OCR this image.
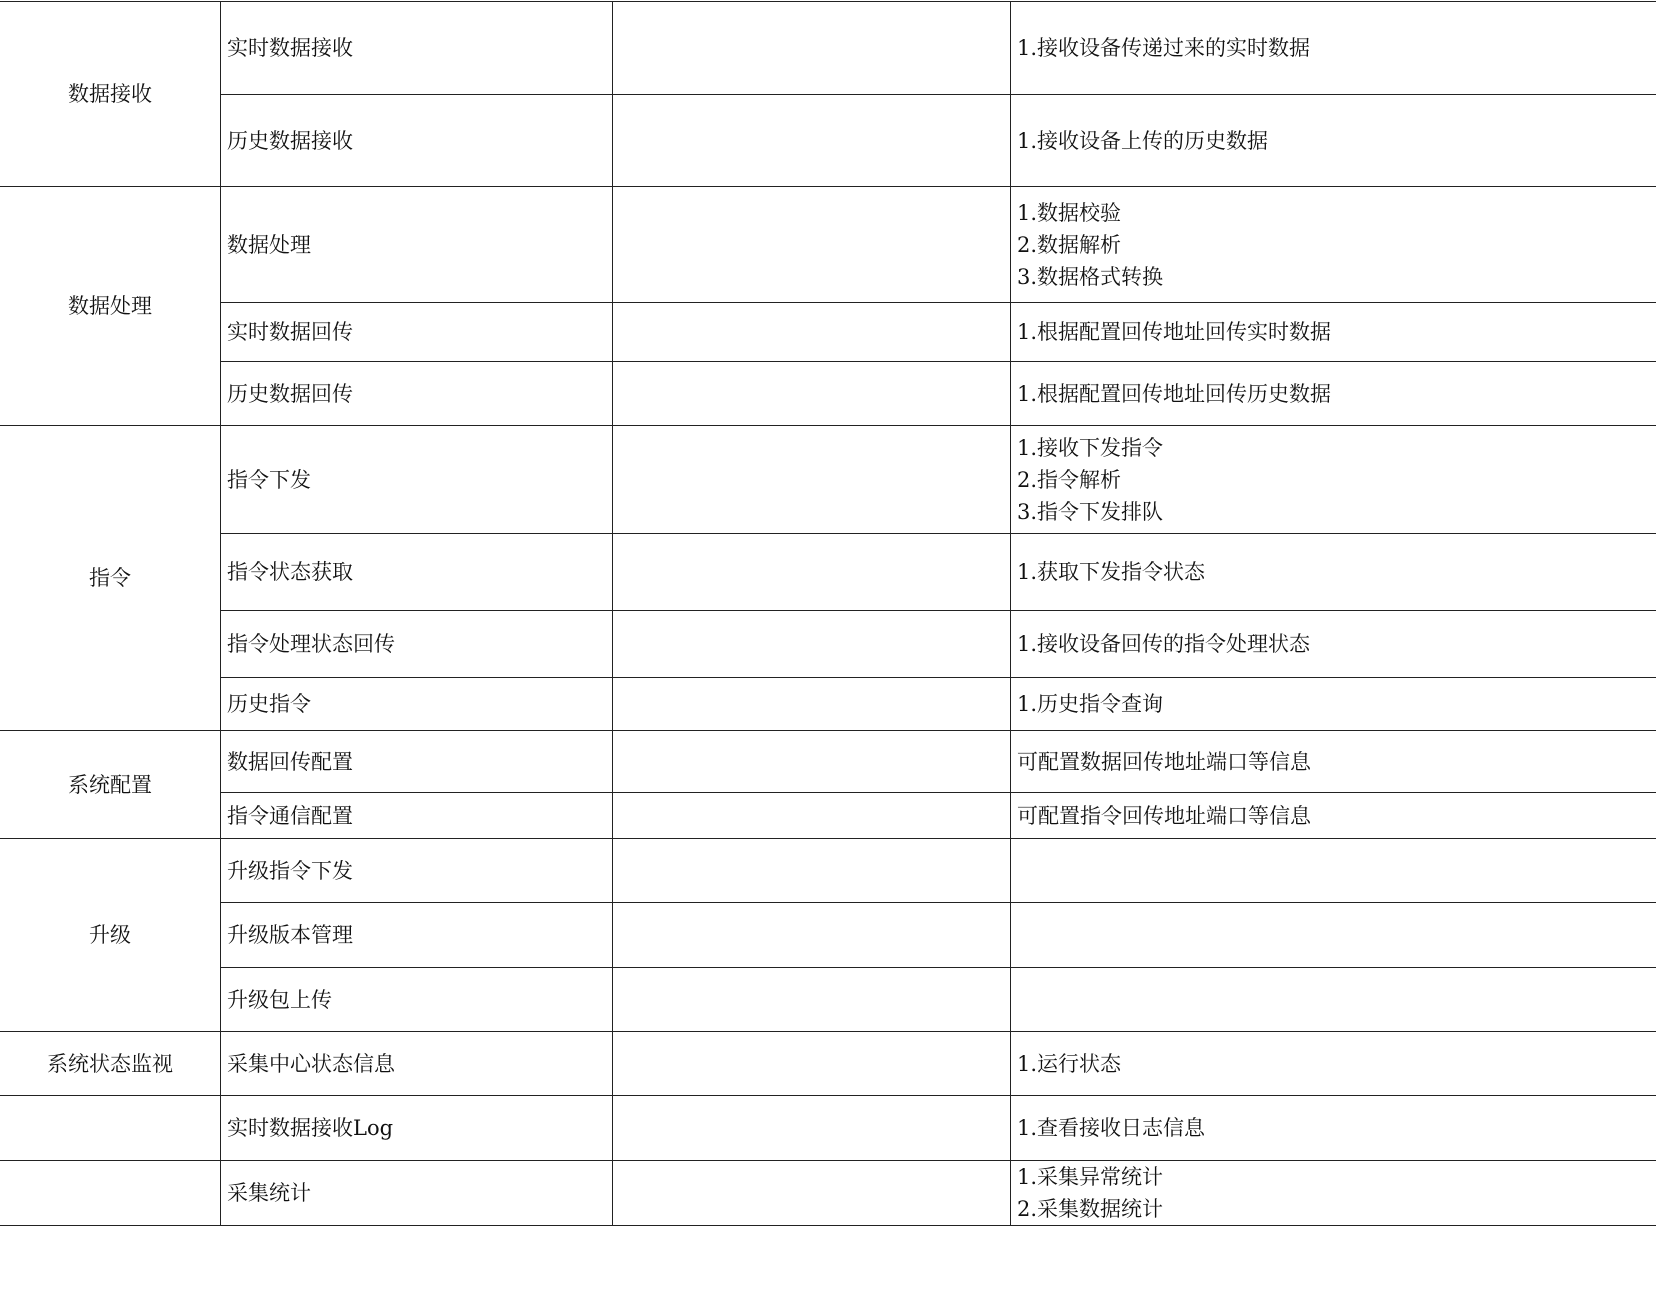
数据接收	实时数据接收		1.接收设备传递过来的实时数据

	历史数据接收		1.接收设备上传的历史数据

数据处理	数据处理		1.数据校验
2.数据解析
3.数据格式转换

	实时数据回传		1.根据配置回传地址回传实时数据

	历史数据回传		1.根据配置回传地址回传历史数据

指令	指令下发		1.接收下发指令
2.指令解析
3.指令下发排队

	指令状态获取		1.获取下发指令状态

	指令处理状态回传		1.接收设备回传的指令处理状态

	历史指令		1.历史指令查询

系统配置	数据回传配置		可配置数据回传地址端口等信息

	指令通信配置		可配置指令回传地址端口等信息

升级	升级指令下发		
	升级版本管理		
	升级包上传		
系统状态监视	采集中心状态信息		1.运行状态

	实时数据接收Log		1.查看接收日志信息

	采集统计		1.采集异常统计
2.采集数据统计
